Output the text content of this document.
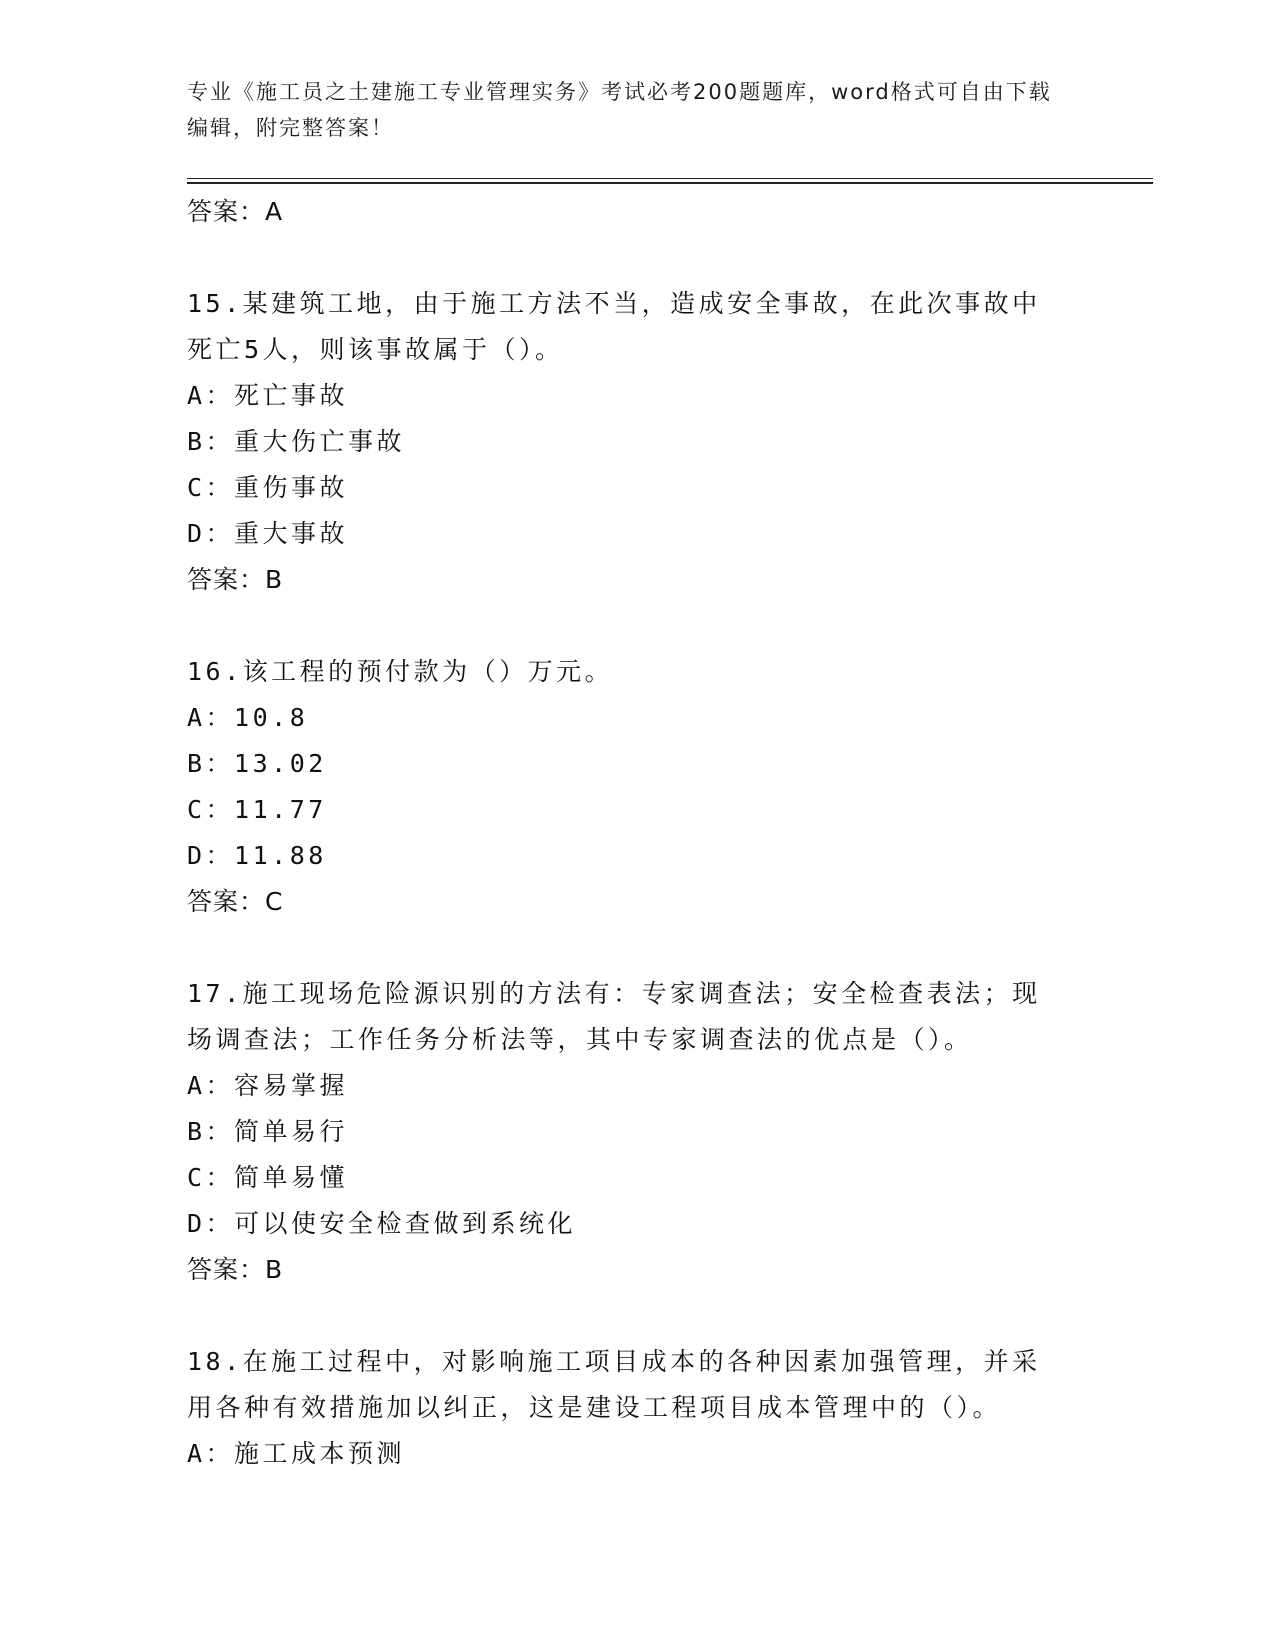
专业《施工员之土建施工专业管理实务》考试必考200题题库，word格式可自由下载编辑，附完整答案！
答案：A
15.某建筑工地，由于施工方法不当，造成安全事故，在此次事故中死亡5人，则该事故属于（）。
A：死亡事故
B：重大伤亡事故
C：重伤事故
D：重大事故
答案：B
16.该工程的预付款为（）万元。
A：10.8
B：13.02
C：11.77
D：11.88
答案：C
17.施工现场危险源识别的方法有：专家调查法；安全检查表法；现场调查法；工作任务分析法等，其中专家调查法的优点是（）。
A：容易掌握
B：简单易行
C：简单易懂
D：可以使安全检查做到系统化
答案：B
18.在施工过程中，对影响施工项目成本的各种因素加强管理，并采用各种有效措施加以纠正，这是建设工程项目成本管理中的（）。
A：施工成本预测
